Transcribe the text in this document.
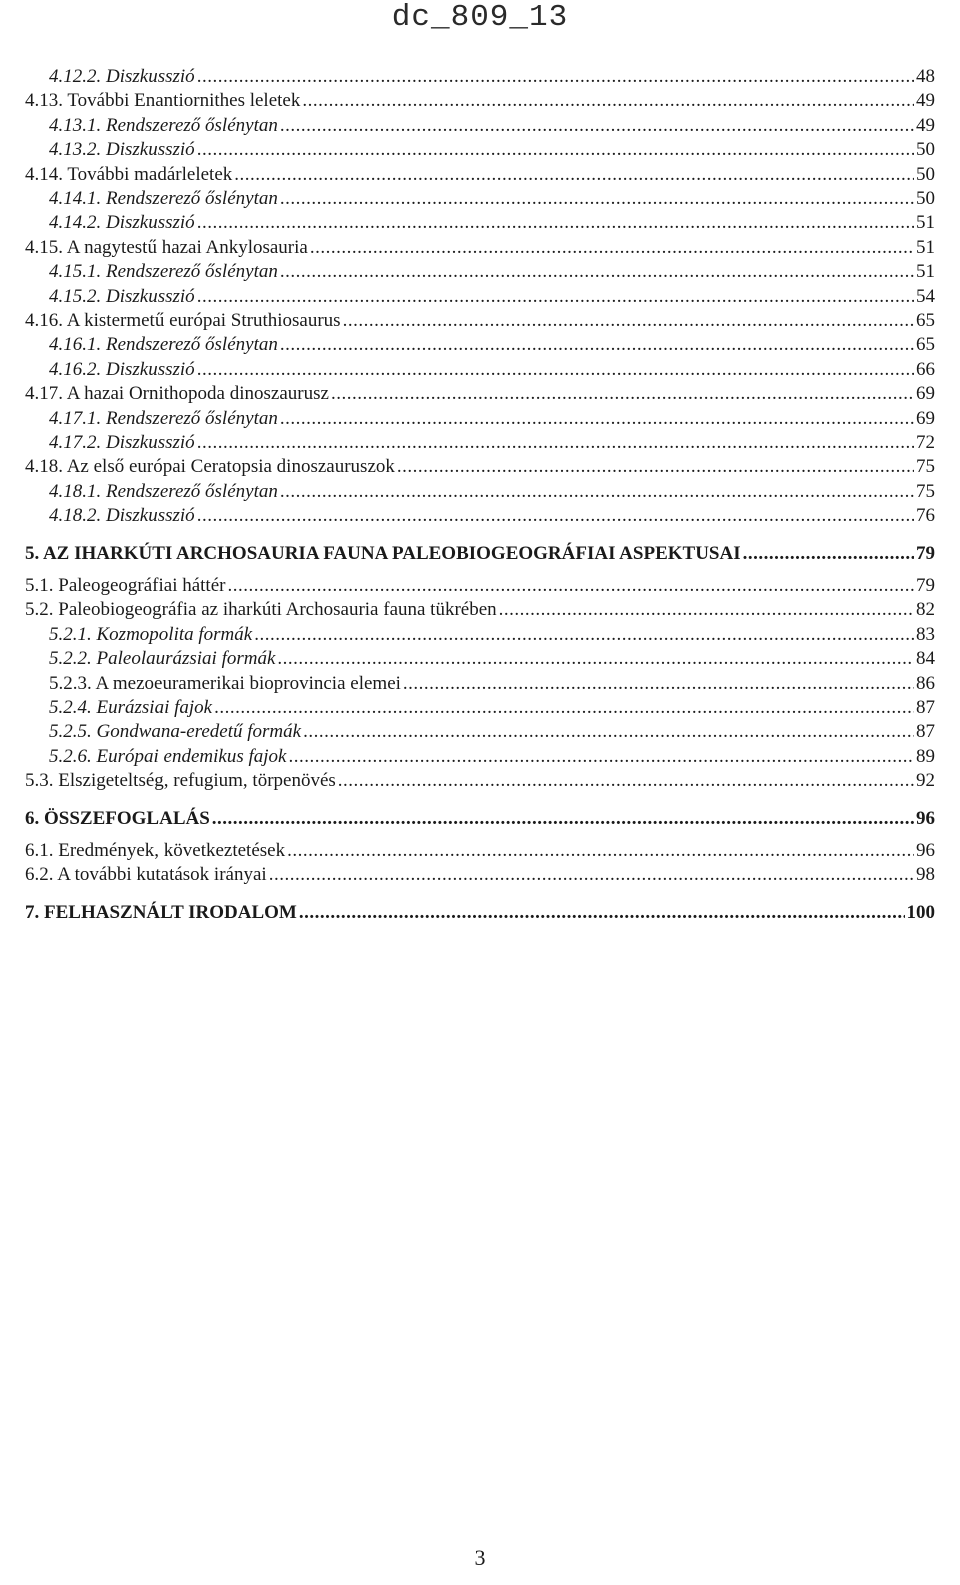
dc_809_13
4.12.2. Diszkusszió .....	48
4.13. További Enantiornithes leletek .....	49
4.13.1. Rendszerező őslénytan .....	49
4.13.2. Diszkusszió .....	50
4.14. További madárleletek .....	50
4.14.1. Rendszerező őslénytan .....	50
4.14.2. Diszkusszió .....	51
4.15. A nagytestű hazai Ankylosauria .....	51
4.15.1. Rendszerező őslénytan .....	51
4.15.2. Diszkusszió .....	54
4.16. A kistermetű európai Struthiosaurus .....	65
4.16.1. Rendszerező őslénytan .....	65
4.16.2. Diszkusszió .....	66
4.17. A hazai Ornithopoda dinoszaurusz .....	69
4.17.1. Rendszerező őslénytan .....	69
4.17.2. Diszkusszió .....	72
4.18. Az első európai Ceratopsia dinoszauruszok .....	75
4.18.1. Rendszerező őslénytan .....	75
4.18.2. Diszkusszió .....	76
5. AZ IHARKÚTI ARCHOSAURIA FAUNA PALEOBIOGEOGRÁFIAI ASPEKTUSAI .....	79
5.1. Paleogeográfiai háttér .....	79
5.2. Paleobiogeográfia az iharkúti Archosauria fauna tükrében .....	82
5.2.1. Kozmopolita formák .....	83
5.2.2. Paleolaurázsiai formák .....	84
5.2.3. A mezoeuramerikai bioprovincia elemei .....	86
5.2.4. Eurázsiai fajok .....	87
5.2.5. Gondwana-eredetű formák .....	87
5.2.6. Európai endemikus fajok .....	89
5.3. Elszigeteltség, refugium, törpenövés .....	92
6. ÖSSZEFOGLALÁS .....	96
6.1. Eredmények, következtetések .....	96
6.2. A további kutatások irányai .....	98
7. FELHASZNÁLT IRODALOM .....	100
3
